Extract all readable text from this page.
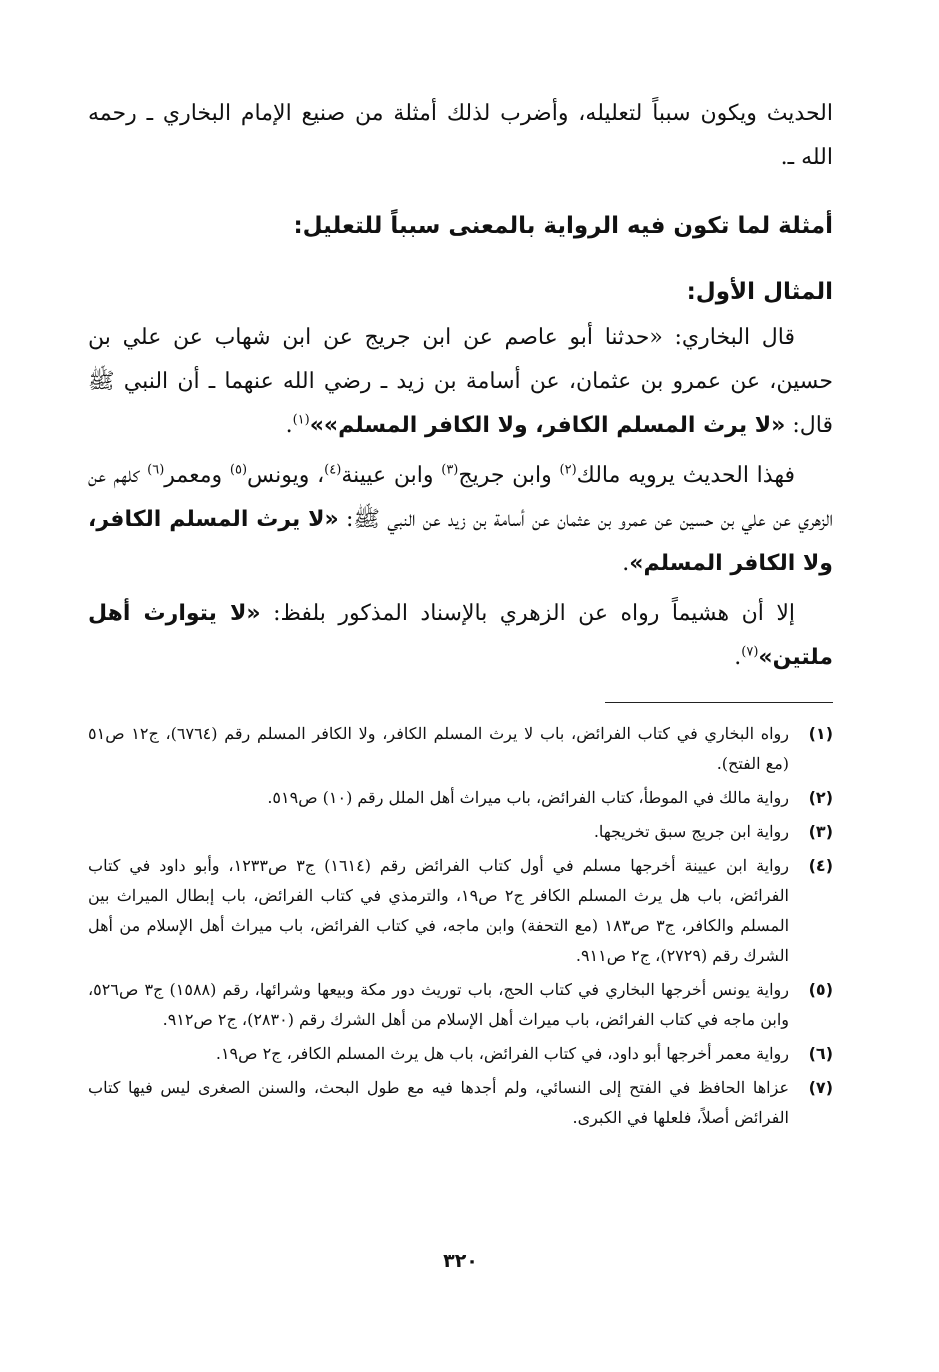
الحديث ويكون سبباً لتعليله، وأضرب لذلك أمثلة من صنيع الإمام البخاري ـ رحمه الله ـ.

أمثلة لما تكون فيه الرواية بالمعنى سبباً للتعليل:
المثال الأول:

قال البخاري: «حدثنا أبو عاصم عن ابن جريج عن ابن شهاب عن علي بن حسين، عن عمرو بن عثمان، عن أسامة بن زيد ـ رضي الله عنهما ـ أن النبي ﷺ قال: «لا يرث المسلم الكافر، ولا الكافر المسلم»»$^{(١)}$.

فهذا الحديث يرويه مالك$^{(٢)}$ وابن جريج$^{(٣)}$ وابن عيينة$^{(٤)}$، ويونس$^{(٥)}$ ومعمر$^{(٦)}$ كلهم عن الزهري عن علي بن حسين عن عمرو بن عثمان عن أسامة بن زيد عن النبي ﷺ: «لا يرث المسلم الكافر، ولا الكافر المسلم».

إلا أن هشيماً رواه عن الزهري بالإسناد المذكور بلفظ: «لا يتوارث أهل ملتين»$^{(٧)}$.

(١)
رواه البخاري في كتاب الفرائض، باب لا يرث المسلم الكافر، ولا الكافر المسلم رقم (٦٧٦٤)، ج١٢ ص٥١ (مع الفتح).
(٢)
رواية مالك في الموطأ، كتاب الفرائض، باب ميراث أهل الملل رقم (١٠) ص٥١٩.
(٣)
رواية ابن جريج سبق تخريجها.
(٤)
رواية ابن عيينة أخرجها مسلم في أول كتاب الفرائض رقم (١٦١٤) ج٣ ص١٢٣٣، وأبو داود في كتاب الفرائض، باب هل يرث المسلم الكافر ج٢ ص١٩، والترمذي في كتاب الفرائض، باب إبطال الميراث بين المسلم والكافر، ج٣ ص١٨٣ (مع التحفة) وابن ماجه، في كتاب الفرائض، باب ميراث أهل الإسلام من أهل الشرك رقم (٢٧٢٩)، ج٢ ص٩١١.
(٥)
رواية يونس أخرجها البخاري في كتاب الحج، باب توريث دور مكة وبيعها وشرائها، رقم (١٥٨٨) ج٣ ص٥٢٦، وابن ماجه في كتاب الفرائض، باب ميراث أهل الإسلام من أهل الشرك رقم (٢٨٣٠)، ج٢ ص٩١٢.
(٦)
رواية معمر أخرجها أبو داود، في كتاب الفرائض، باب هل يرث المسلم الكافر، ج٢ ص١٩.
(٧)
عزاها الحافظ في الفتح إلى النسائي، ولم أجدها فيه مع طول البحث، والسنن الصغرى ليس فيها كتاب الفرائض أصلاً، فلعلها في الكبرى.
٣٢٠
